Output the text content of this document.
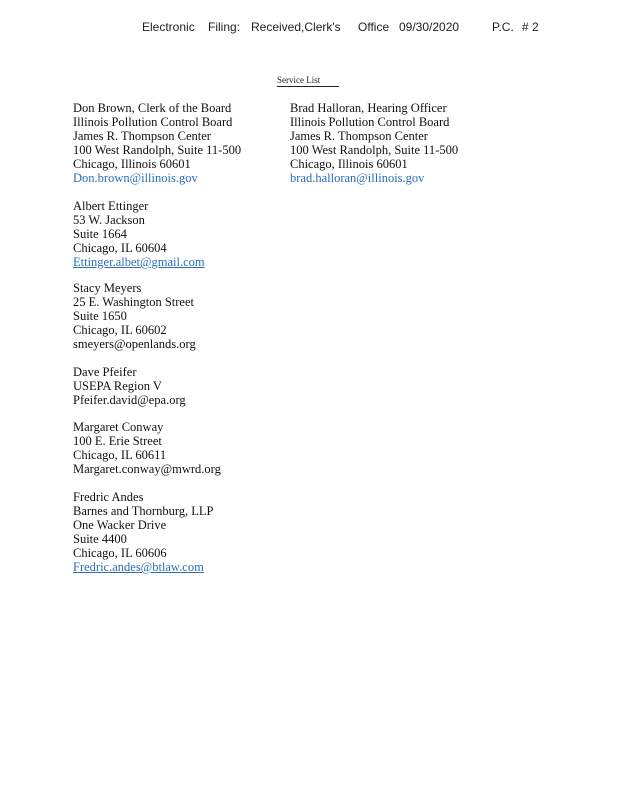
Electronic Filing: Received,Clerk's Office 09/30/2020	P.C. # 2
Service List
Don Brown, Clerk of the Board
Illinois Pollution Control Board
James R. Thompson Center
100 West Randolph, Suite 11-500
Chicago, Illinois 60601
Don.brown@illinois.gov
Brad Halloran, Hearing Officer
Illinois Pollution Control Board
James R. Thompson Center
100 West Randolph, Suite 11-500
Chicago, Illinois 60601
brad.halloran@illinois.gov
Albert Ettinger
53 W. Jackson
Suite 1664
Chicago, IL 60604
Ettinger.albet@gmail.com
Stacy Meyers
25 E. Washington Street
Suite 1650
Chicago, IL 60602
smeyers@openlands.org
Dave Pfeifer
USEPA Region V
Pfeifer.david@epa.org
Margaret Conway
100 E. Erie Street
Chicago, IL 60611
Margaret.conway@mwrd.org
Fredric Andes
Barnes and Thornburg, LLP
One Wacker Drive
Suite 4400
Chicago, IL 60606
Fredric.andes@btlaw.com
